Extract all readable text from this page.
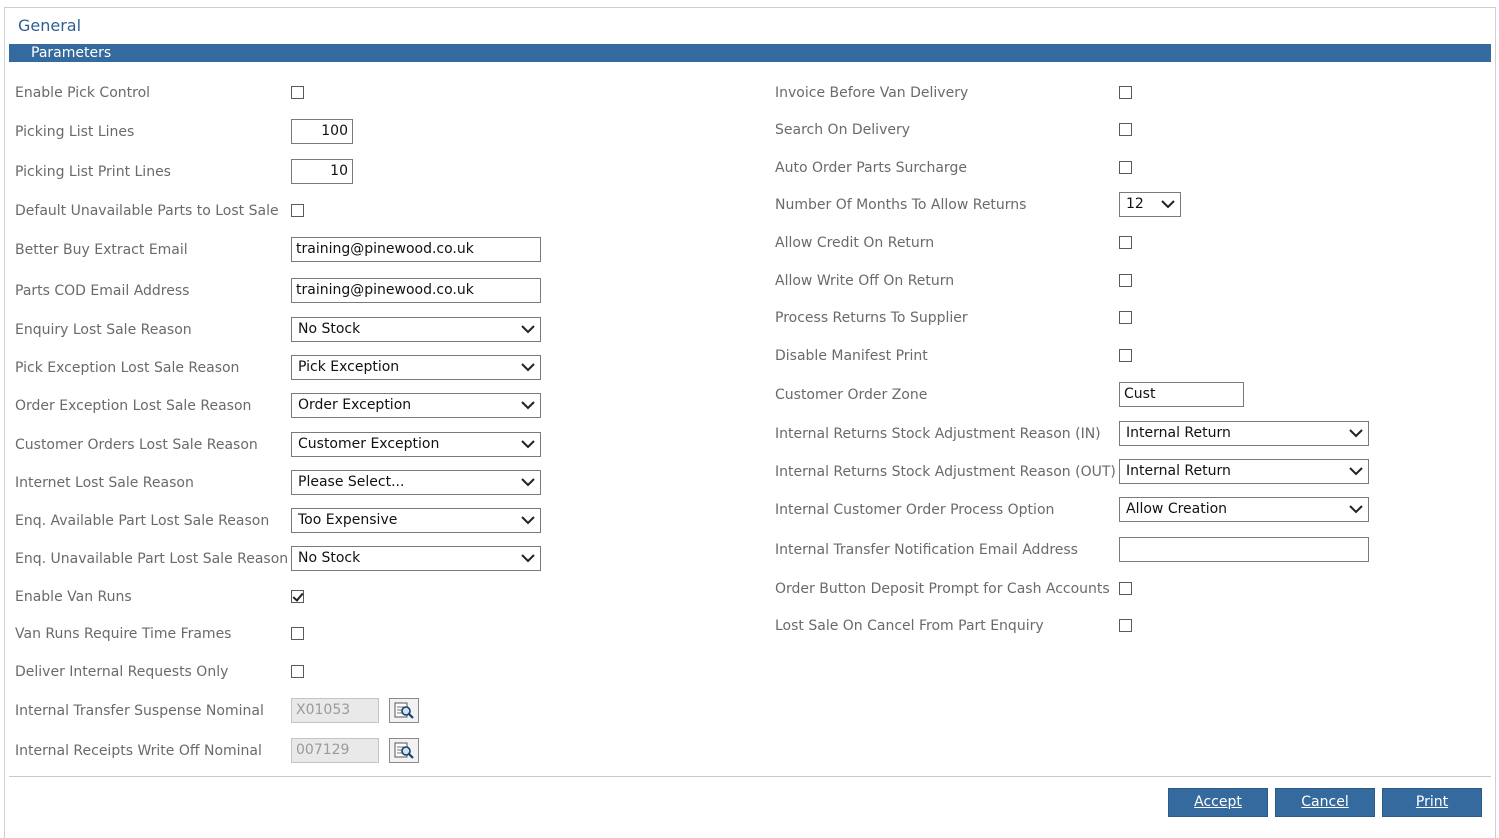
General
Parameters
Enable Pick Control
Picking List Lines	100
Picking List Print Lines	10
Default Unavailable Parts to Lost Sale
Better Buy Extract Email	training@pinewood.co.uk
Parts COD Email Address	training@pinewood.co.uk
Enquiry Lost Sale Reason	No Stock
Pick Exception Lost Sale Reason	Pick Exception
Order Exception Lost Sale Reason	Order Exception
Customer Orders Lost Sale Reason	Customer Exception
Internet Lost Sale Reason	Please Select...
Enq. Available Part Lost Sale Reason	Too Expensive
Enq. Unavailable Part Lost Sale Reason No Stock
Enable Van Runs
Van Runs Require Time Frames
Deliver Internal Requests Only
Internal Transfer Suspense Nominal	X01053
Internal Receipts Write Off Nominal	007129
Invoice Before Van Delivery
Search On Delivery
Auto Order Parts Surcharge
Number Of Months To Allow Returns	12
Allow Credit On Return
Allow Write Off On Return
Process Returns To Supplier
Disable Manifest Print
Customer Order Zone	Cust
Internal Returns Stock Adjustment Reason (IN)	Internal Return
Internal Returns Stock Adjustment Reason (OUT) Internal Return
Internal Customer Order Process Option	Allow Creation
Internal Transfer Notification Email Address
Order Button Deposit Prompt for Cash Accounts
Lost Sale On Cancel From Part Enquiry
Accept	Cancel	Print
